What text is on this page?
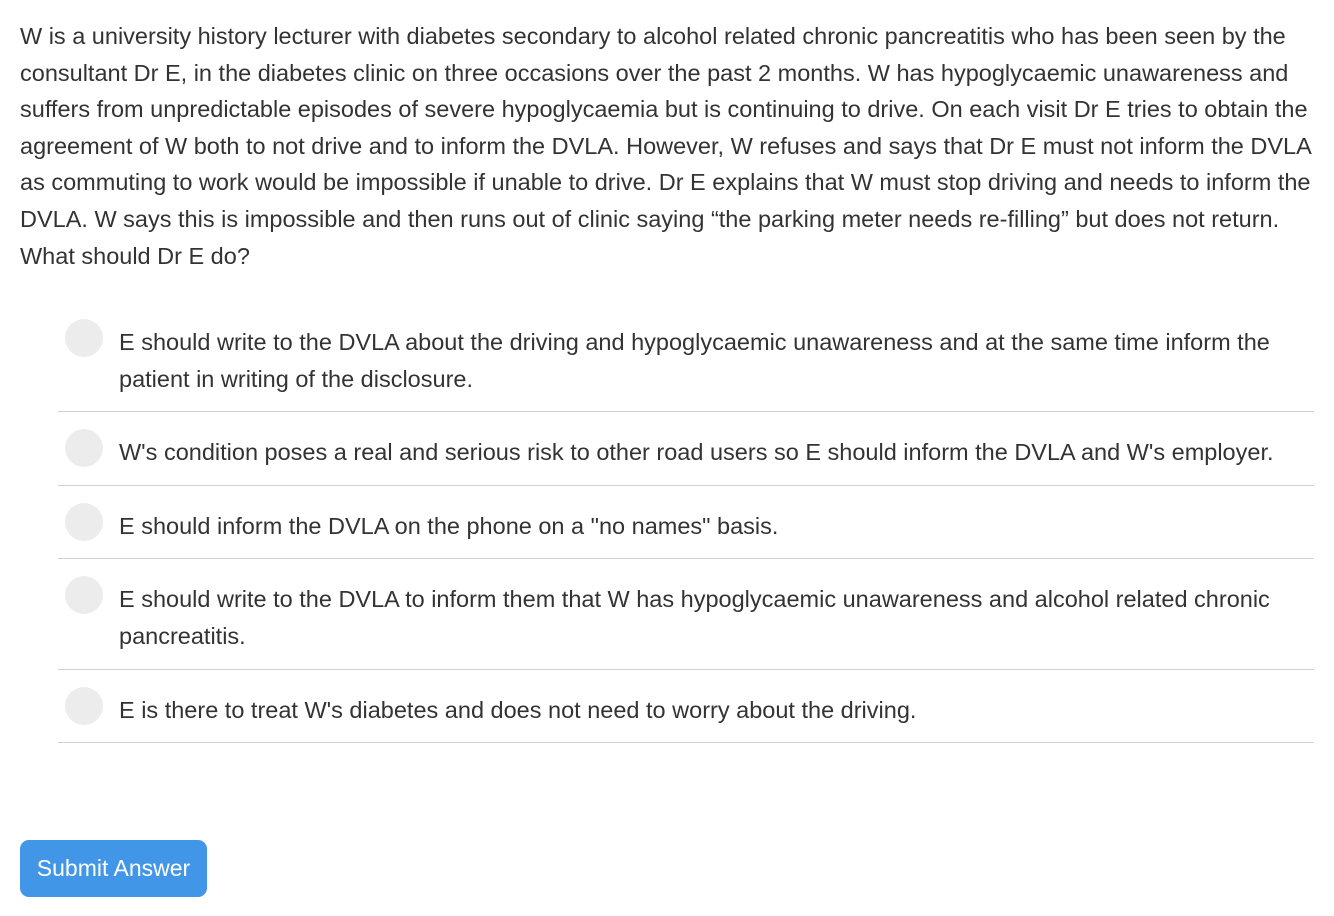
W is a university history lecturer with diabetes secondary to alcohol related chronic pancreatitis who has been seen by the consultant Dr E, in the diabetes clinic on three occasions over the past 2 months. W has hypoglycaemic unawareness and suffers from unpredictable episodes of severe hypoglycaemia but is continuing to drive. On each visit Dr E tries to obtain the agreement of W both to not drive and to inform the DVLA. However, W refuses and says that Dr E must not inform the DVLA as commuting to work would be impossible if unable to drive. Dr E explains that W must stop driving and needs to inform the DVLA. W says this is impossible and then runs out of clinic saying “the parking meter needs re-filling” but does not return. What should Dr E do?

E should write to the DVLA about the driving and hypoglycaemic unawareness and at the same time inform the patient in writing of the disclosure.
W's condition poses a real and serious risk to other road users so E should inform the DVLA and W's employer.
E should inform the DVLA on the phone on a "no names" basis.
E should write to the DVLA to inform them that W has hypoglycaemic unawareness and alcohol related chronic pancreatitis.
E is there to treat W's diabetes and does not need to worry about the driving.
Submit Answer
